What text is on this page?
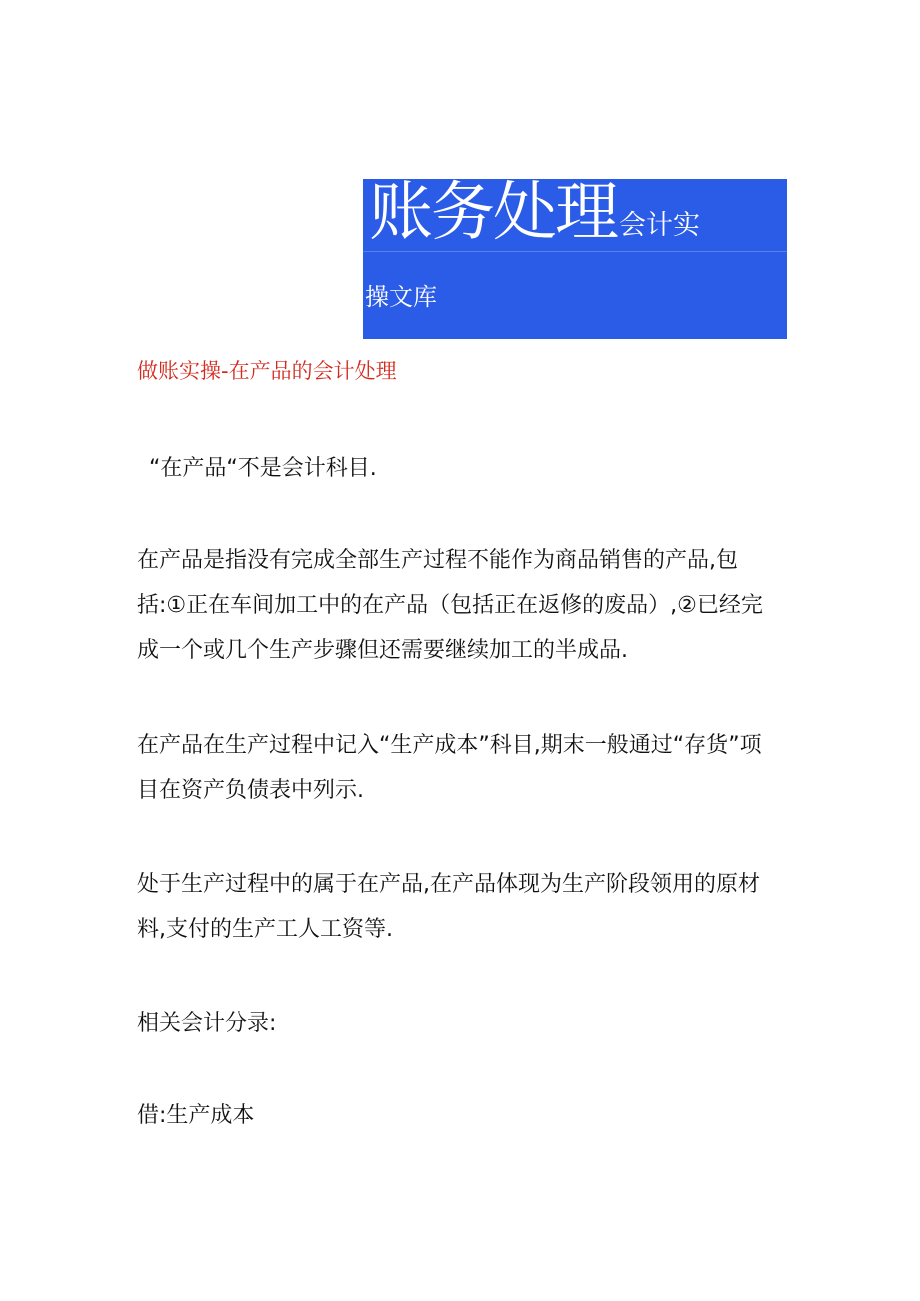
账务处理会计实
操文库
做账实操-在产品的会计处理

“在产品“不是会计科目.

在产品是指没有完成全部生产过程不能作为商品销售的产品,包括:①正在车间加工中的在产品（包括正在返修的废品）,②已经完成一个或几个生产步骤但还需要继续加工的半成品.

在产品在生产过程中记入“生产成本”科目,期末一般通过“存货”项目在资产负债表中列示.

处于生产过程中的属于在产品,在产品体现为生产阶段领用的原材料,支付的生产工人工资等.

相关会计分录:

借:生产成本
